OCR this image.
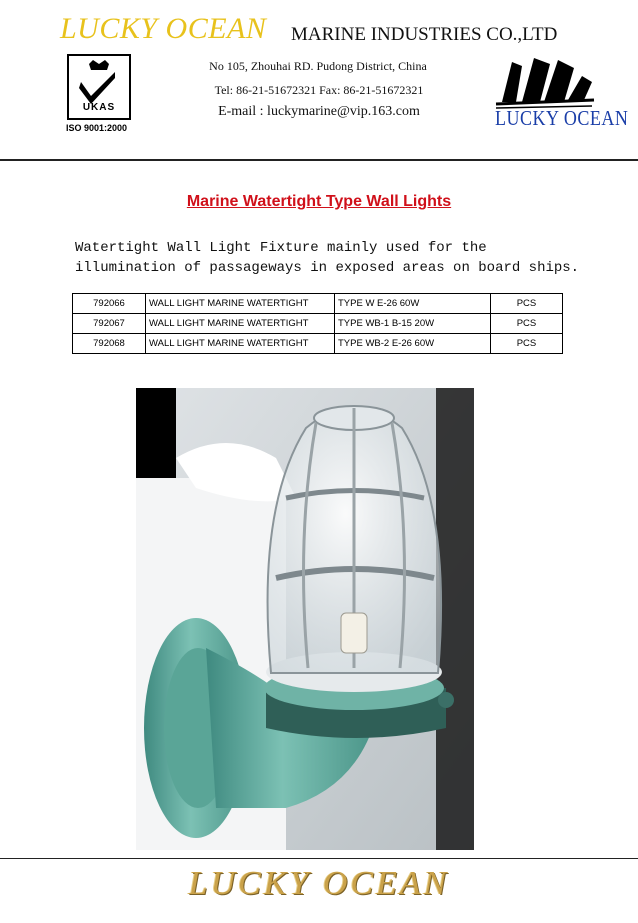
LUCKY OCEAN MARINE INDUSTRIES CO.,LTD
UKAS
ISO 9001:2000
No 105, Zhouhai RD. Pudong District, China
Tel: 86-21-51672321 Fax: 86-21-51672321
E-mail : luckymarine@vip.163.com	LUCKY OCEAN
Marine Watertight Type Wall Lights
Watertight Wall Light Fixture mainly used for the illumination of passageways in exposed areas on board ships.
792066	WALL LIGHT MARINE WATERTIGHT	TYPE W E-26 60W	PCS
792067	WALL LIGHT MARINE WATERTIGHT	TYPE WB-1 B-15 20W	PCS
792068	WALL LIGHT MARINE WATERTIGHT	TYPE WB-2 E-26 60W	PCS
LUCKY OCEAN
